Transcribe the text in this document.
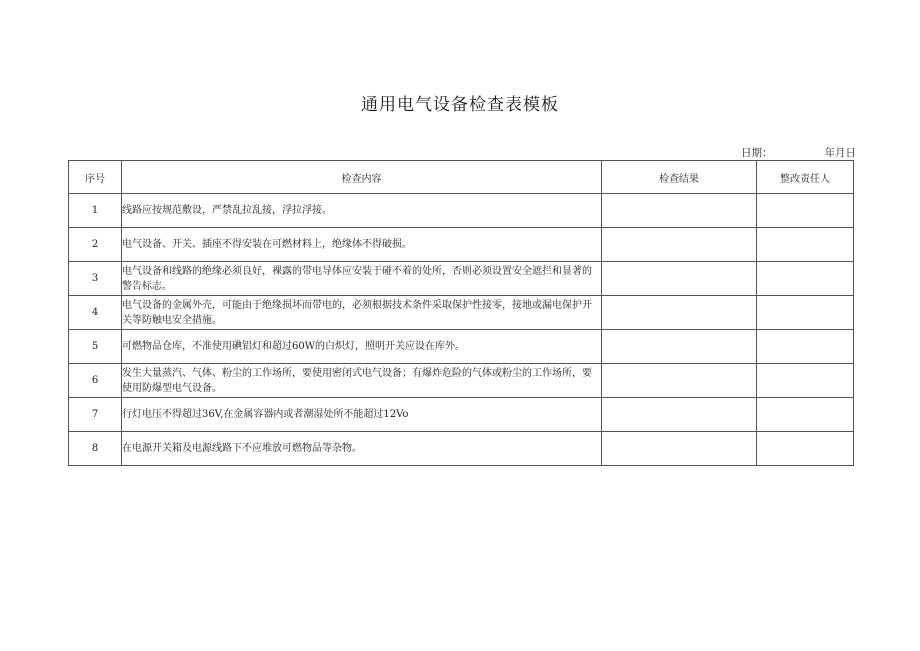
通用电气设备检查表模板
日期：	年月日
序号	检查内容	检查结果	整改责任人
1	线路应按规范敷设，严禁乱拉乱接，浮拉浮接。		
2	电气设备、开关、插座不得安装在可燃材料上，绝缘体不得破损。		
3	电气设备和线路的绝缘必须良好，裸露的带电导体应安装于碰不着的处所，否则必须设置安全遮拦和显著的警告标志。		
4	电气设备的金属外壳，可能由于绝缘损坏而带电的，必须根据技术条件采取保护性接零，接地或漏电保护开关等防触电安全措施。		
5	可燃物品仓库，不准使用碘铝灯和超过60W的白炽灯，照明开关应设在库外。		
6	发生大量蒸汽、气体、粉尘的工作场所，要使用密闭式电气设备；有爆炸危险的气体或粉尘的工作场所，要使用防爆型电气设备。		
7	行灯电压不得超过36V,在金属容器内或者潮湿处所不能超过12Vo		
8	在电源开关箱及电源线路下不应堆放可燃物品等杂物。		
